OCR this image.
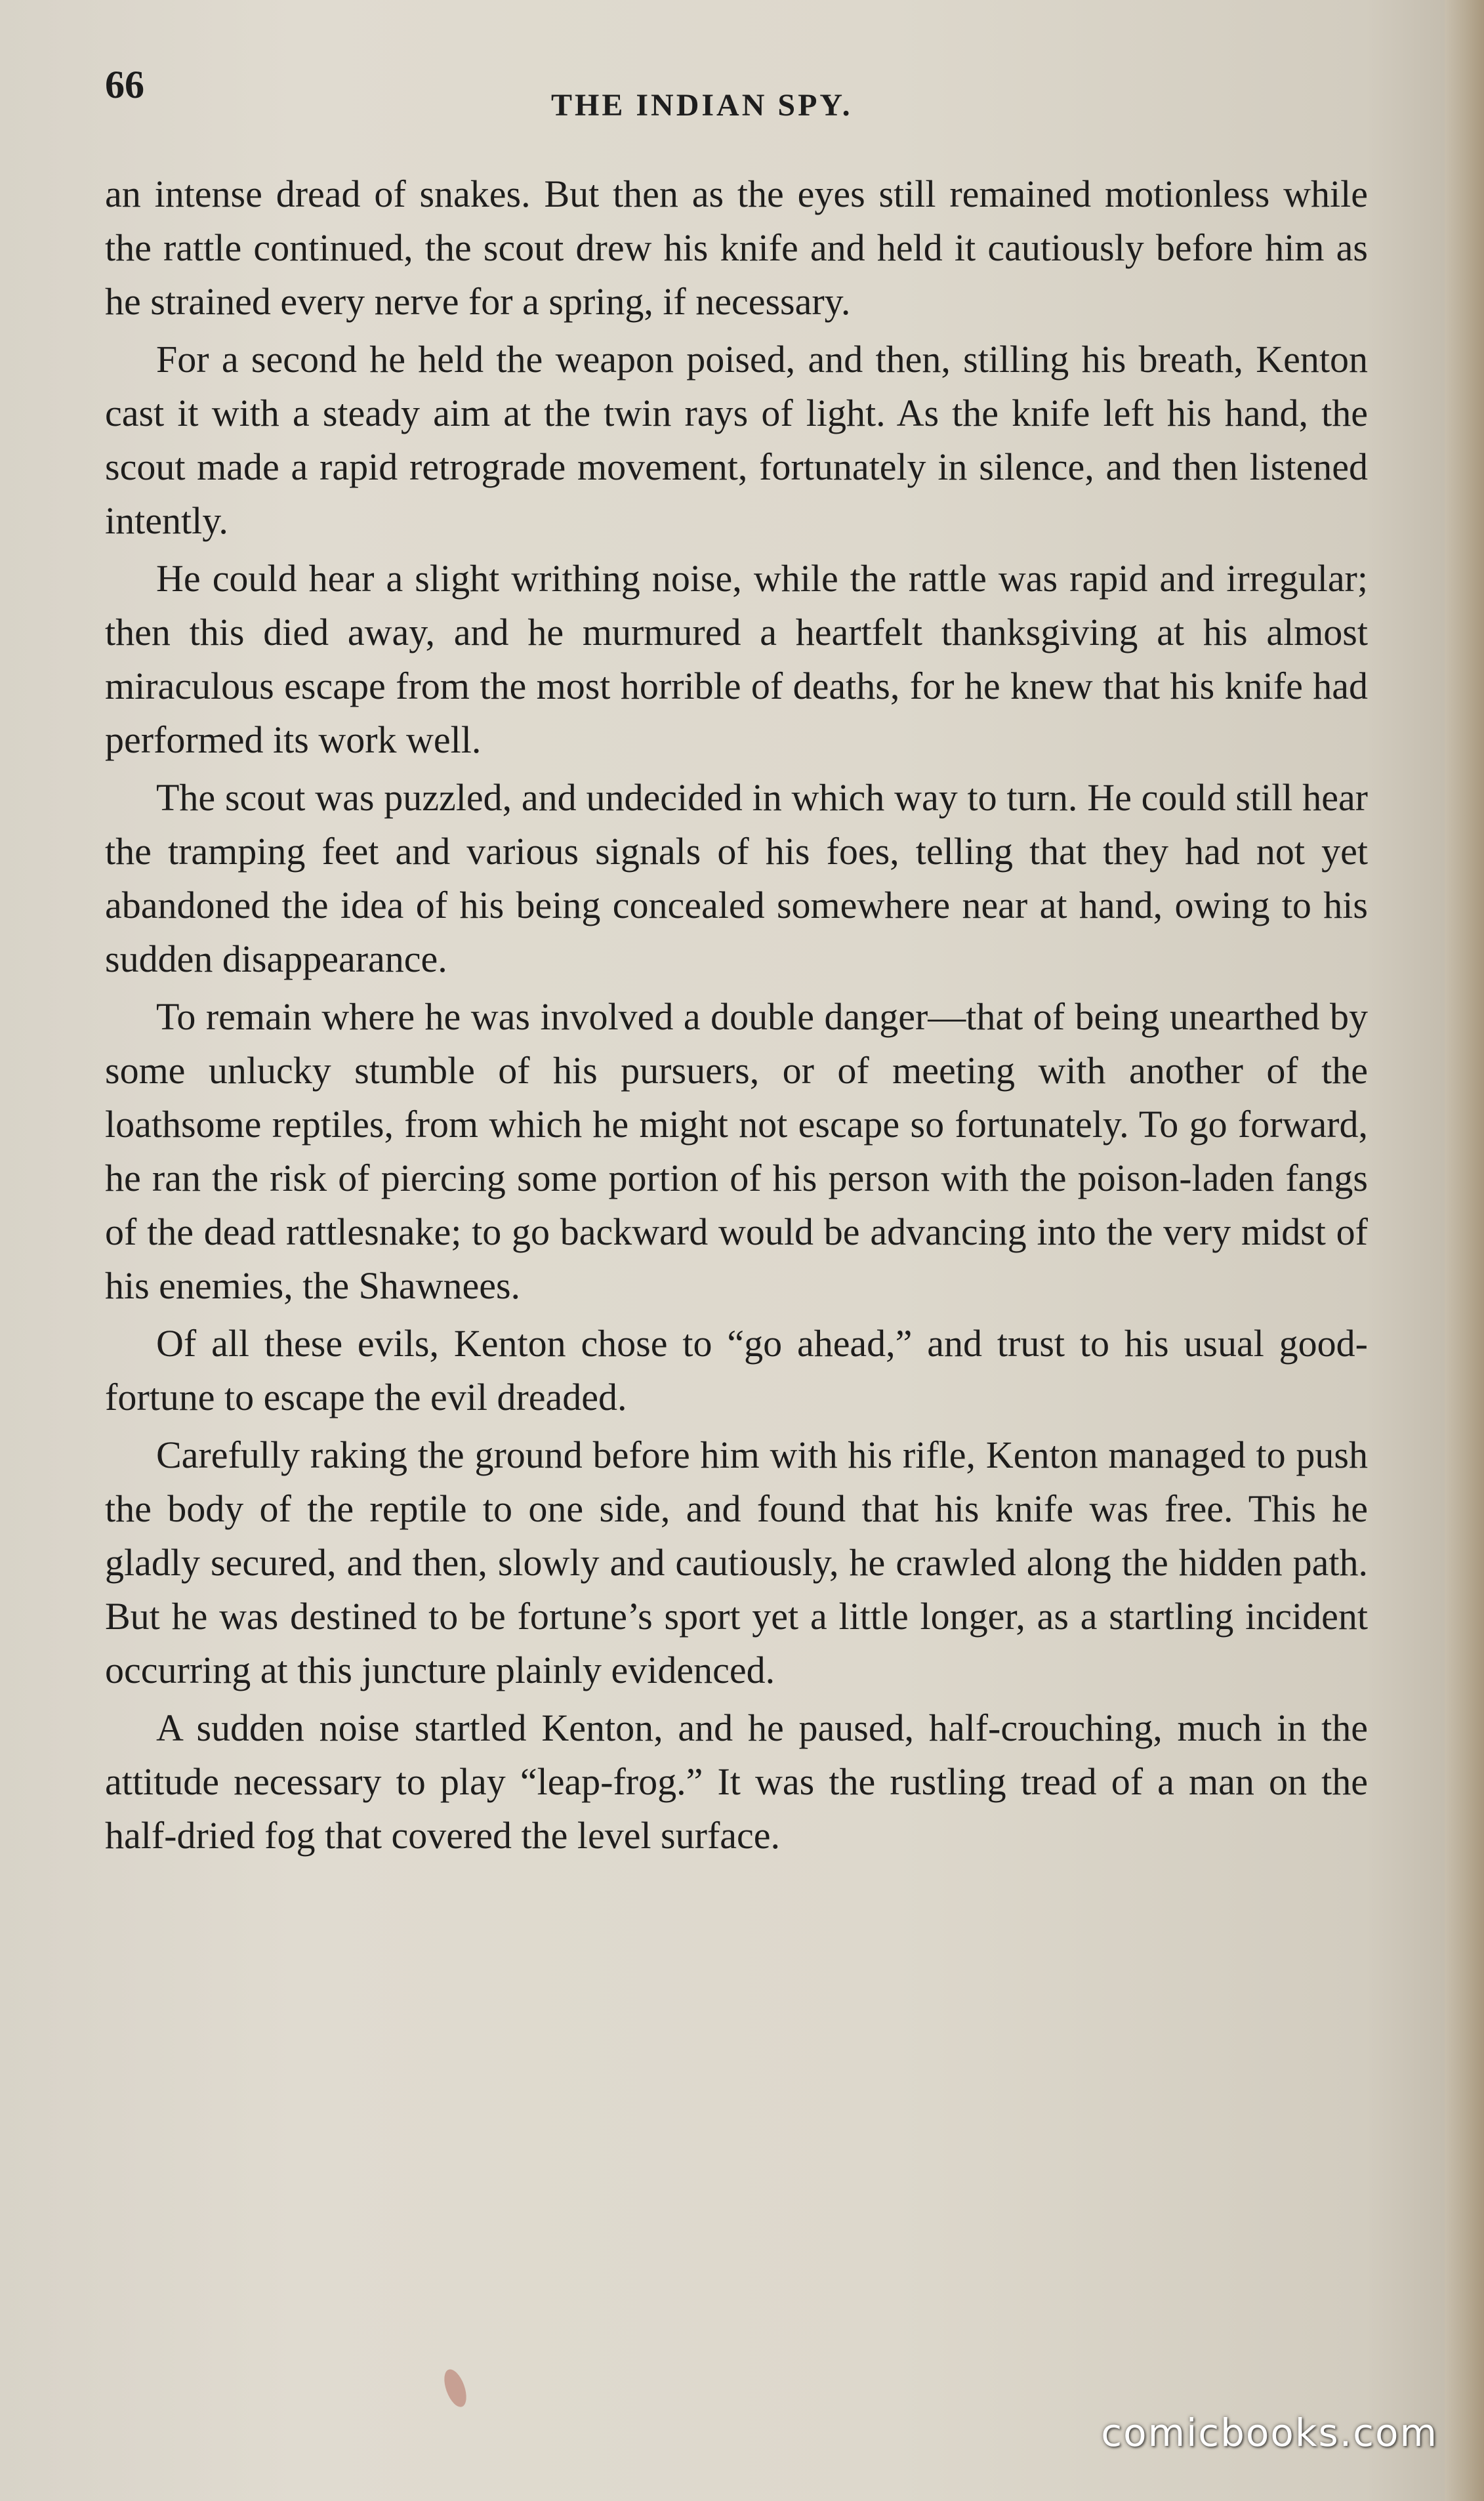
66	THE INDIAN SPY.

an intense dread of snakes. But then as the eyes still remained motionless while the rattle continued, the scout drew his knife and held it cautiously before him as he strained every nerve for a spring, if necessary.

For a second he held the weapon poised, and then, stilling his breath, Kenton cast it with a steady aim at the twin rays of light. As the knife left his hand, the scout made a rapid retrograde movement, fortunately in silence, and then listened intently.

He could hear a slight writhing noise, while the rattle was rapid and irregular; then this died away, and he murmured a heartfelt thanksgiving at his almost miraculous escape from the most horrible of deaths, for he knew that his knife had performed its work well.

The scout was puzzled, and undecided in which way to turn. He could still hear the tramping feet and various signals of his foes, telling that they had not yet abandoned the idea of his being concealed somewhere near at hand, owing to his sudden disappearance.

To remain where he was involved a double danger—that of being unearthed by some unlucky stumble of his pursuers, or of meeting with another of the loathsome reptiles, from which he might not escape so fortunately. To go forward, he ran the risk of piercing some portion of his person with the poison-laden fangs of the dead rattlesnake; to go backward would be advancing into the very midst of his enemies, the Shawnees.

Of all these evils, Kenton chose to “go ahead,” and trust to his usual good-fortune to escape the evil dreaded.

Carefully raking the ground before him with his rifle, Kenton managed to push the body of the reptile to one side, and found that his knife was free. This he gladly secured, and then, slowly and cautiously, he crawled along the hidden path. But he was destined to be fortune’s sport yet a little longer, as a startling incident occurring at this juncture plainly evidenced.

A sudden noise startled Kenton, and he paused, half-crouching, much in the attitude necessary to play “leap-frog.” It was the rustling tread of a man on the half-dried fog that covered the level surface.

comicbooks.com
